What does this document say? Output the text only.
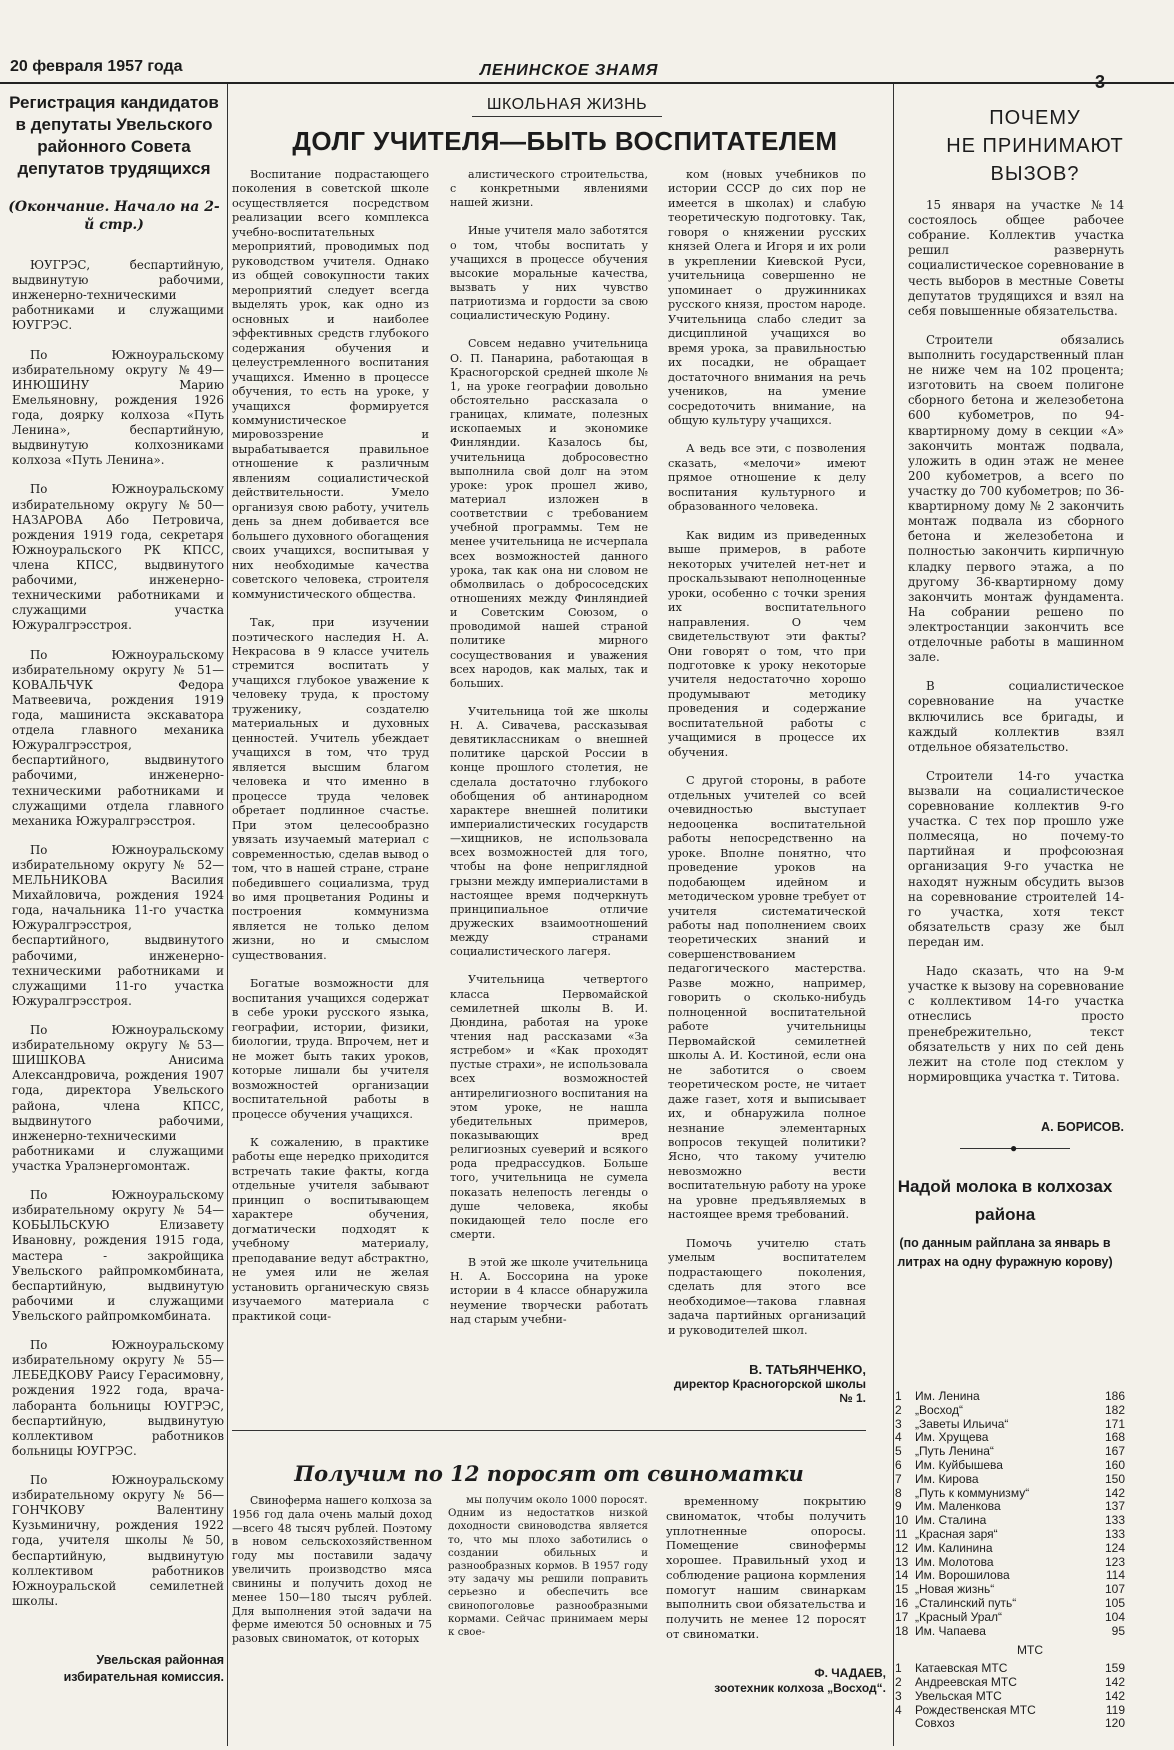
20 февраля 1957 года	ЛЕНИНСКОЕ ЗНАМЯ
3
Регистрация кандидатов в депутаты Увельского районного Совета депутатов трудящихся
(Окончание. Начало на 2-й стр.)

ЮУГРЭС, беспартийную, выдвинутую рабочими, инженерно-техническими работниками и служащими ЮУГРЭС.

По Южноуральскому избирательному округу №49—ИНЮШИНУ Марию Емельяновну, рождения 1926 года, дояpку колхоза «Путь Ленина», беспартийную, выдвинутую колхозниками колхоза «Путь Ленина».

По Южноуральскому избирательному округу №50—НАЗАРОВА Або Петровича, рождения 1919 года, секретаря Южноуральского РК КПСС, члена КПСС, выдвинутого рабочими, инженерно-техническими работниками и служащими участка Южуралгрэсстроя.

По Южноуральскому избирательному округу № 51—КОВАЛЬЧУК Федора Матвеевича, рождения 1919 года, машиниста экскаватора отдела главного механика Южуралгрэсстроя, беспартийного, выдвинутого рабочими, инженерно-техническими работниками и служащими отдела главного механика Южуралгрэсстроя.

По Южноуральскому избирательному округу № 52—МЕЛЬНИКОВА Василия Михайловича, рождения 1924 года, начальника 11-го участка Южуралгрэсстроя, беспартийного, выдвинутого рабочими, инженерно-техническими работниками и служащими 11-го участка Южуралгрэсстроя.

По Южноуральскому избирательному округу №53—ШИШКОВА Анисима Александровича, рождения 1907 года, директора Увельского района, члена КПСС, выдвинутого рабочими, инженерно-техническими работниками и служащими участка Уралэнергомонтаж.

По Южноуральскому избирательному округу № 54—КОБЫЛЬСКУЮ Елизавету Ивановну, рождения 1915 года, мастера - закройщика Увельского райпромкомбината, беспартийную, выдвинутую рабочими и служащими Увельского райпромкомбината.

По Южноуральскому избирательному округу № 55—ЛЕБЕДКОВУ Раису Герасимовну, рождения 1922 года, врача-лаборанта больницы ЮУГРЭС, беспартийную, выдвинутую коллективом работников больницы ЮУГРЭС.

По Южноуральскому избирательному округу № 56—ГОНЧКОВУ Валентину Кузьминичну, рождения 1922 года, учителя школы №50, беспартийную, выдвинутую коллективом работников Южноуральской семилетней школы.

Увельская районная избирательная комиссия.
ШКОЛЬНАЯ ЖИЗНЬ
ДОЛГ УЧИТЕЛЯ—БЫТЬ ВОСПИТАТЕЛЕМ

Воспитание подрастающего поколения в советской школе осуществляется посредством реализации всего комплекса учебно-воспитательных мероприятий, проводимых под руководством учителя. Однако из общей совокупности таких мероприятий следует всегда выделять урок, как одно из основных и наиболее эффективных средств глубокого содержания обучения и целеустремленного воспитания учащихся. Именно в процессе обучения, то есть на уроке, у учащихся формируется коммунистическое мировоззрение и вырабатывается правильное отношение к различным явлениям социалистической действительности. Умело организуя свою работу, учитель день за днем добивается все большего духовного обогащения своих учащихся, воспитывая у них необходимые качества советского человека, строителя коммунистического общества.

Так, при изучении поэтического наследия Н. А. Некрасова в 9 классе учитель стремится воспитать у учащихся глубокое уважение к человеку труда, к простому труженику, создателю материальных и духовных ценностей. Учитель убеждает учащихся в том, что труд является высшим благом человека и что именно в процессе труда человек обретает подлинное счастье. При этом целесообразно увязать изучаемый материал с современностью, сделав вывод о том, что в нашей стране, стране победившего социализма, труд во имя процветания Родины и построения коммунизма является не только делом жизни, но и смыслом существования.

Богатые возможности для воспитания учащихся содержат в себе уроки русского языка, географии, истории, физики, биологии, труда. Впрочем, нет и не может быть таких уроков, которые лишали бы учителя возможностей организации воспитательной работы в процессе обучения учащихся.

К сожалению, в практике работы еще нередко приходится встречать такие факты, когда отдельные учителя забывают принцип о воспитывающем характере обучения, догматически подходят к учебному материалу, преподавание ведут абстрактно, не умея или не желая установить органическую связь изучаемого материала с практикой соци-

алистического строительства, с конкретными явлениями нашей жизни.

Иные учителя мало заботятся о том, чтобы воспитать у учащихся в процессе обучения высокие моральные качества, вызвать у них чувство патриотизма и гордости за свою социалистическую Родину.

Совсем недавно учительница О. П. Панарина, работающая в Красногорской средней школе № 1, на уроке географии довольно обстоятельно рассказала о границах, климате, полезных ископаемых и экономике Финляндии. Казалось бы, учительница добросовестно выполнила свой долг на этом уроке: урок прошел живо, материал изложен в соответствии с требованием учебной программы. Тем не менее учительница не исчерпала всех возможностей данного урока, так как она ни словом не обмолвилась о добрососедских отношениях между Финляндией и Советским Союзом, о проводимой нашей страной политике мирного сосуществования и уважения всех народов, как малых, так и больших.

Учительница той же школы Н. А. Сивачева, рассказывая девятиклассникам о внешней политике царской России в конце прошлого столетия, не сделала достаточно глубокого обобщения об антинародном характере внешней политики империалистических государств—хищников, не использовала всех возможностей для того, чтобы на фоне неприглядной грызни между империалистами в настоящее время подчеркнуть принципиальное отличие дружеских взаимоотношений между странами социалистического лагеря.

Учительница четвертого класса Первомайской семилетней школы В. И. Дюндина, работая на уроке чтения над рассказами «За ястребом» и «Как проходят пустые страхи», не использовала всех возможностей антирелигиозного воспитания на этом уроке, не нашла убедительных примеров, показывающих вред религиозных суеверий и всякого рода предрассудков. Больше того, учительница не сумела показать нелепость легенды о душе человека, якобы покидающей тело после его смерти.

В этой же школе учительница Н. А. Боссорина на уроке истории в 4 классе обнаружила неумение творчески работать над старым учебни-

ком (новых учебников по истории СССР до сих пор не имеется в школах) и слабую теоретическую подготовку. Так, говоря о княжении русских князей Олега и Игоря и их роли в укреплении Киевской Руси, учительница совершенно не упоминает о дружинниках русского князя, простом народе. Учительница слабо следит за дисциплиной учащихся во время урока, за правильностью их посадки, не обращает достаточного внимания на речь учеников, на умение сосредоточить внимание, на общую культуру учащихся.

А ведь все эти, с позволения сказать, «мелочи» имеют прямое отношение к делу воспитания культурного и образованного человека.

Как видим из приведенных выше примеров, в работе некоторых учителей нет-нет и проскальзывают неполноценные уроки, особенно с точки зрения их воспитательного направления. О чем свидетельствуют эти факты? Они говорят о том, что при подготовке к уроку некоторые учителя недостаточно хорошо продумывают методику проведения и содержание воспитательной работы с учащимися в процессе их обучения.

С другой стороны, в работе отдельных учителей со всей очевидностью выступает недооценка воспитательной работы непосредственно на уроке. Вполне понятно, что проведение уроков на подобающем идейном и методическом уровне требует от учителя систематической работы над пополнением своих теоретических знаний и совершенствованием педагогического мастерства. Разве можно, например, говорить о сколько-нибудь полноценной воспитательной работе учительницы Первомайской семилетней школы А. И. Костиной, если она не заботится о своем теоретическом росте, не читает даже газет, хотя и выписывает их, и обнаружила полное незнание элементарных вопросов текущей политики? Ясно, что такому учителю невозможно вести воспитательную работу на уроке на уровне предъявляемых в настоящее время требований.

Помочь учителю стать умелым воспитателем подрастающего поколения, сделать для этого все необходимое—такова главная задача партийных организаций и руководителей школ.

В. ТАТЬЯНЧЕНКО,
директор Красногорской школы № 1.
Получим по 12 поросят от свиноматки

Свиноферма нашего колхоза за 1956 год дала очень малый доход—всего 48 тысяч рублей. Поэтому в новом сельскохозяйственном году мы поставили задачу увеличить производство мяса свинины и получить доход не менее 150—180 тысяч рублей. Для выполнения этой задачи на ферме имеются 50 основных и 75 разовых свиноматок, от которых

мы получим около 1000 поросят.
Одним из недостатков низкой доходности свиноводства является то, что мы плохо заботились о создании обильных и разнообразных кормов. В 1957 году эту задачу мы решили поправить серьезно и обеспечить все свинопоголовье разнообразными кормами. Сейчас принимаем меры к свое-

временному покрытию свиноматок, чтобы получить уплотненные опоросы. Помещение свинофермы хорошее. Правильный уход и соблюдение рациона кормления помогут нашим свинаркам выполнить свои обязательства и получить не менее 12 поросят от свиноматки.

Ф. ЧАДАЕВ,
зоотехник колхоза „Восход“.
ПОЧЕМУ
НЕ ПРИНИМАЮТ
ВЫЗОВ?

15 января на участке №14 состоялось общее рабочее собрание. Коллектив участка решил развернуть социалистическое соревнование в честь выборов в местные Советы депутатов трудящихся и взял на себя повышенные обязательства.

Строители обязались выполнить государственный план не ниже чем на 102 процента; изготовить на своем полигоне сборного бетона и железобетона 600 кубометров, по 94-квартирному дому в секции «А» закончить монтаж подвала, уложить в один этаж не менее 200 кубометров, а всего по участку до 700 кубометров; по 36-квартирному дому № 2 закончить монтаж подвала из сборного бетона и железобетона и полностью закончить кирпичную кладку первого этажа, а по другому 36-квартирному дому закончить монтаж фундамента. На собрании решено по электростанции закончить все отделочные работы в машинном зале.

В социалистическое соревнование на участке включились все бригады, и каждый коллектив взял отдельное обязательство.

Строители 14-го участка вызвали на социалистическое соревнование коллектив 9-го участка. С тех пор прошло уже полмесяца, но почему-то партийная и профсоюзная организация 9-го участка не находят нужным обсудить вызов на соревнование строителей 14-го участка, хотя текст обязательств сразу же был передан им.

Надо сказать, что на 9-м участке к вызову на соревнование с коллективом 14-го участка отнеслись просто пренебрежительно, текст обязательств у них по сей день лежит на столе под стеклом у нормировщика участка т. Титова.

А. БОРИСОВ.
●
Надой молока в колхозах района
(по данным райплана за январь в литрах на одну фуражную корову)
1	Им. Ленина	186
2	„Восход“	182
3	„Заветы Ильича“	171
4	Им. Хрущева	168
5	„Путь Ленина“	167
6	Им. Куйбышева	160
7	Им. Кирова	150
8	„Путь к коммунизму“	142
9	Им. Маленкова	137
10 Им. Сталина	133
11 „Красная заря“	133
12 Им. Калинина	124
13 Им. Молотова	123
14 Им. Ворошилова	114
15 „Новая жизнь“	107
16 „Сталинский путь“	105
17 „Красный Урал“	104
18 Им. Чапаева	95
МТС
1	Катаевская МТС	159
2	Андреевская МТС	142
3	Увельская МТС	142
4	Рождественская МТС	119
Совхоз	120
